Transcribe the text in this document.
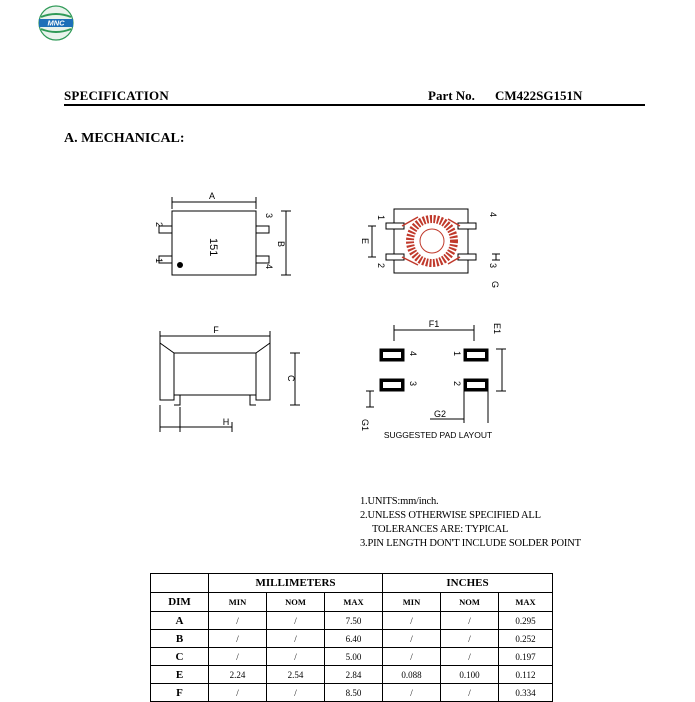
MNC
SPECIFICATION	Part No. CM422SG151N
A. MECHANICAL:
A
2
1
3
4
151	B
1
2	3
4
E
G
F
C
H
F1
4
3
1
2
E1
G1
G2
SUGGESTED PAD LAYOUT
1.UNITS:mm/inch.
2.UNLESS OTHERWISE SPECIFIED ALL
TOLERANCES ARE: TYPICAL
3.PIN LENGTH DON'T INCLUDE SOLDER POINT
	MILLIMETERS			INCHES		
DIM	MIN	NOM	MAX	MIN	NOM	MAX
A	/	/	7.50	/	/	0.295
B	/	/	6.40	/	/	0.252
C	/	/	5.00	/	/	0.197
E	2.24	2.54	2.84	0.088	0.100	0.112
F	/	/	8.50	/	/	0.334
